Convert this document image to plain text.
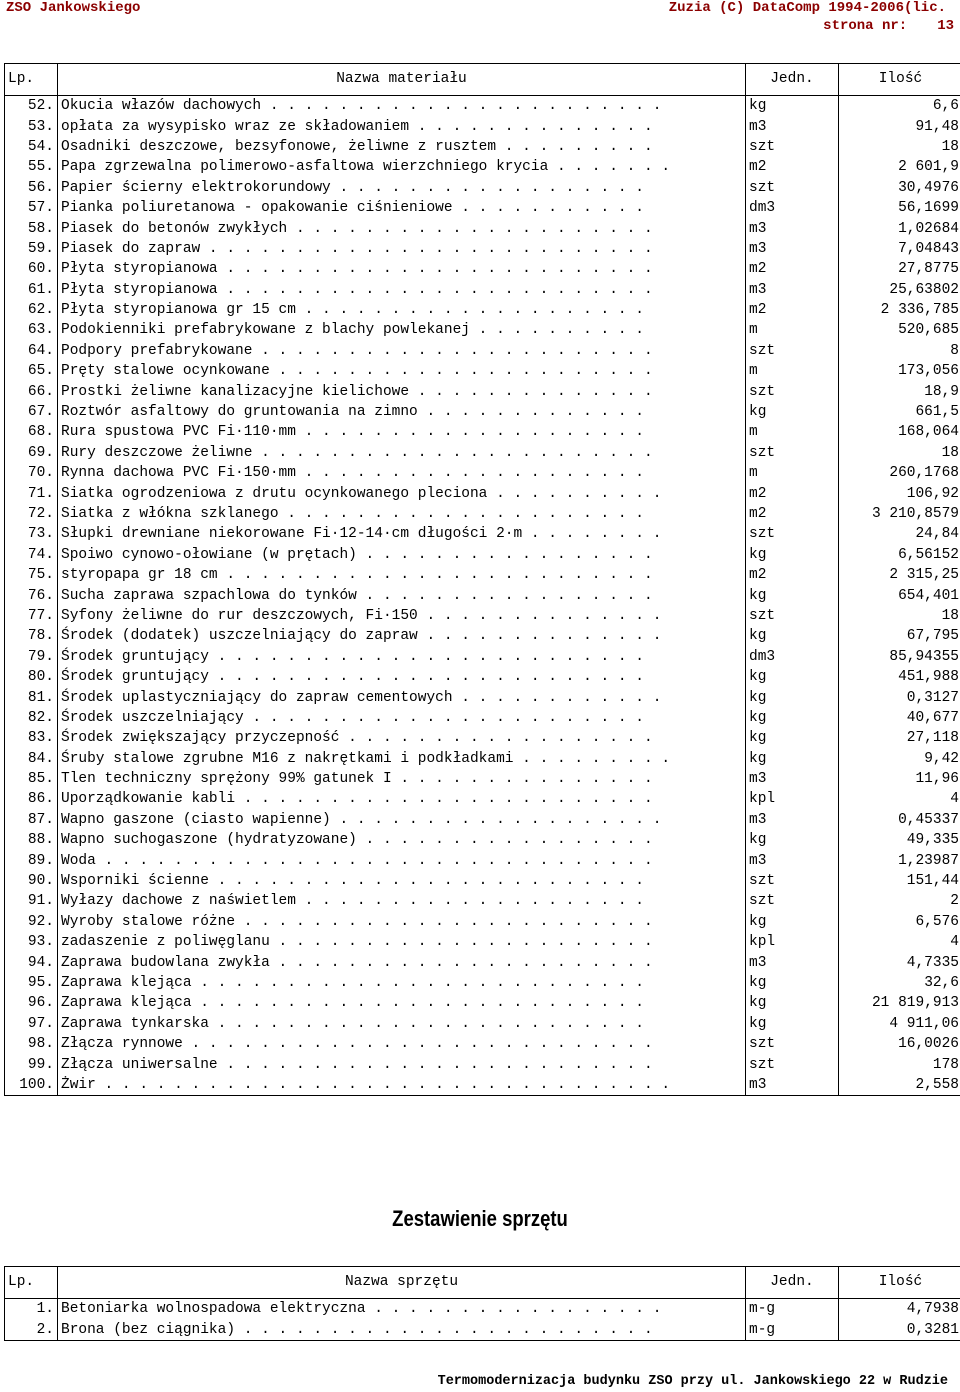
ZSO Jankowskiego	Zuzia (C) DataComp 1994-2006(lic.
strona nr: 13
Lp.	Nazwa materiału	Jedn.	Ilość
52.	Okucia włazów dachowych . . . . . . . . . . . . . . . . . . . . . . .	kg	6,6
53.	opłata za wysypisko wraz ze składowaniem . . . . . . . . . . . . . .	m3	91,48
54.	Osadniki deszczowe, bezsyfonowe, żeliwne z rusztem . . . . . . . . .	szt	18
55.	Papa zgrzewalna polimerowo-asfaltowa wierzchniego krycia . . . . . . .	m2	2 601,9
56.	Papier ścierny elektrokorundowy . . . . . . . . . . . . . . . . . .	szt	30,4976
57.	Pianka poliuretanowa - opakowanie ciśnieniowe . . . . . . . . . . .	dm3	56,1699
58.	Piasek do betonów zwykłych . . . . . . . . . . . . . . . . . . . . .	m3	1,02684
59.	Piasek do zapraw . . . . . . . . . . . . . . . . . . . . . . . . . .	m3	7,04843
60.	Płyta styropianowa . . . . . . . . . . . . . . . . . . . . . . . . .	m2	27,8775
61.	Płyta styropianowa . . . . . . . . . . . . . . . . . . . . . . . . .	m3	25,63802
62.	Płyta styropianowa gr 15 cm . . . . . . . . . . . . . . . . . . . .	m2	2 336,785
63.	Podokienniki prefabrykowane z blachy powlekanej . . . . . . . . . .	m	520,685
64.	Podpory prefabrykowane . . . . . . . . . . . . . . . . . . . . . . .	szt	8
65.	Pręty stalowe ocynkowane . . . . . . . . . . . . . . . . . . . . . .	m	173,056
66.	Prostki żeliwne kanalizacyjne kielichowe . . . . . . . . . . . . . .	szt	18,9
67.	Roztwór asfaltowy do gruntowania na zimno . . . . . . . . . . . . .	kg	661,5
68.	Rura spustowa PVC Fi·110·mm . . . . . . . . . . . . . . . . . . . .	m	168,064
69.	Rury deszczowe żeliwne . . . . . . . . . . . . . . . . . . . . . . .	szt	18
70.	Rynna dachowa PVC Fi·150·mm . . . . . . . . . . . . . . . . . . . .	m	260,1768
71.	Siatka ogrodzeniowa z drutu ocynkowanego pleciona . . . . . . . . . .	m2	106,92
72.	Siatka z włókna szklanego . . . . . . . . . . . . . . . . . . . . .	m2	3 210,8579
73.	Słupki drewniane niekorowane Fi·12-14·cm długości 2·m . . . . . . . .	szt	24,84
74.	Spoiwo cynowo-ołowiane (w prętach) . . . . . . . . . . . . . . . . .	kg	6,56152
75.	styropapa gr 18 cm . . . . . . . . . . . . . . . . . . . . . . . . .	m2	2 315,25
76.	Sucha zaprawa szpachlowa do tynków . . . . . . . . . . . . . . . . .	kg	654,401
77.	Syfony żeliwne do rur deszczowych, Fi·150 . . . . . . . . . . . . . .	szt	18
78.	Środek (dodatek) uszczelniający do zapraw . . . . . . . . . . . . . .	kg	67,795
79.	Środek gruntujący . . . . . . . . . . . . . . . . . . . . . . . . .	dm3	85,94355
80.	Środek gruntujący . . . . . . . . . . . . . . . . . . . . . . . . .	kg	451,988
81.	Środek uplastyczniający do zapraw cementowych . . . . . . . . . . . .	kg	0,3127
82.	Środek uszczelniający . . . . . . . . . . . . . . . . . . . . . . .	kg	40,677
83.	Środek zwiększający przyczepność . . . . . . . . . . . . . . . . . .	kg	27,118
84.	Śruby stalowe zgrubne M16 z nakrętkami i podkładkami . . . . . . . . .	kg	9,42
85.	Tlen techniczny sprężony 99% gatunek I . . . . . . . . . . . . . . .	m3	11,96
86.	Uporządkowanie kabli . . . . . . . . . . . . . . . . . . . . . . . .	kpl	4
87.	Wapno gaszone (ciasto wapienne) . . . . . . . . . . . . . . . . . . .	m3	0,45337
88.	Wapno suchogaszone (hydratyzowane) . . . . . . . . . . . . . . . . .	kg	49,335
89.	Woda . . . . . . . . . . . . . . . . . . . . . . . . . . . . . . . .	m3	1,23987
90.	Wsporniki ścienne . . . . . . . . . . . . . . . . . . . . . . . . .	szt	151,44
91.	Wyłazy dachowe z naświetlem . . . . . . . . . . . . . . . . . . . .	szt	2
92.	Wyroby stalowe różne . . . . . . . . . . . . . . . . . . . . . . . .	kg	6,576
93.	zadaszenie z poliwęglanu . . . . . . . . . . . . . . . . . . . . . .	kpl	4
94.	Zaprawa budowlana zwykła . . . . . . . . . . . . . . . . . . . . . .	m3	4,7335
95.	Zaprawa klejąca . . . . . . . . . . . . . . . . . . . . . . . . . .	kg	32,6
96.	Zaprawa klejąca . . . . . . . . . . . . . . . . . . . . . . . . . .	kg	21 819,913
97.	Zaprawa tynkarska . . . . . . . . . . . . . . . . . . . . . . . . .	kg	4 911,06
98.	Złącza rynnowe . . . . . . . . . . . . . . . . . . . . . . . . . . .	szt	16,0026
99.	Złącza uniwersalne . . . . . . . . . . . . . . . . . . . . . . . . .	szt	178
100.	Żwir . . . . . . . . . . . . . . . . . . . . . . . . . . . . . . . . .	m3	2,558
Zestawienie sprzętu
Lp.	Nazwa sprzętu	Jedn.	Ilość
1.	Betoniarka wolnospadowa elektryczna . . . . . . . . . . . . . . . . .	m-g	4,7938
2.	Brona (bez ciągnika) . . . . . . . . . . . . . . . . . . . . . . . .	m-g	0,3281
Termomodernizacja budynku ZSO przy ul. Jankowskiego 22 w Rudzie
